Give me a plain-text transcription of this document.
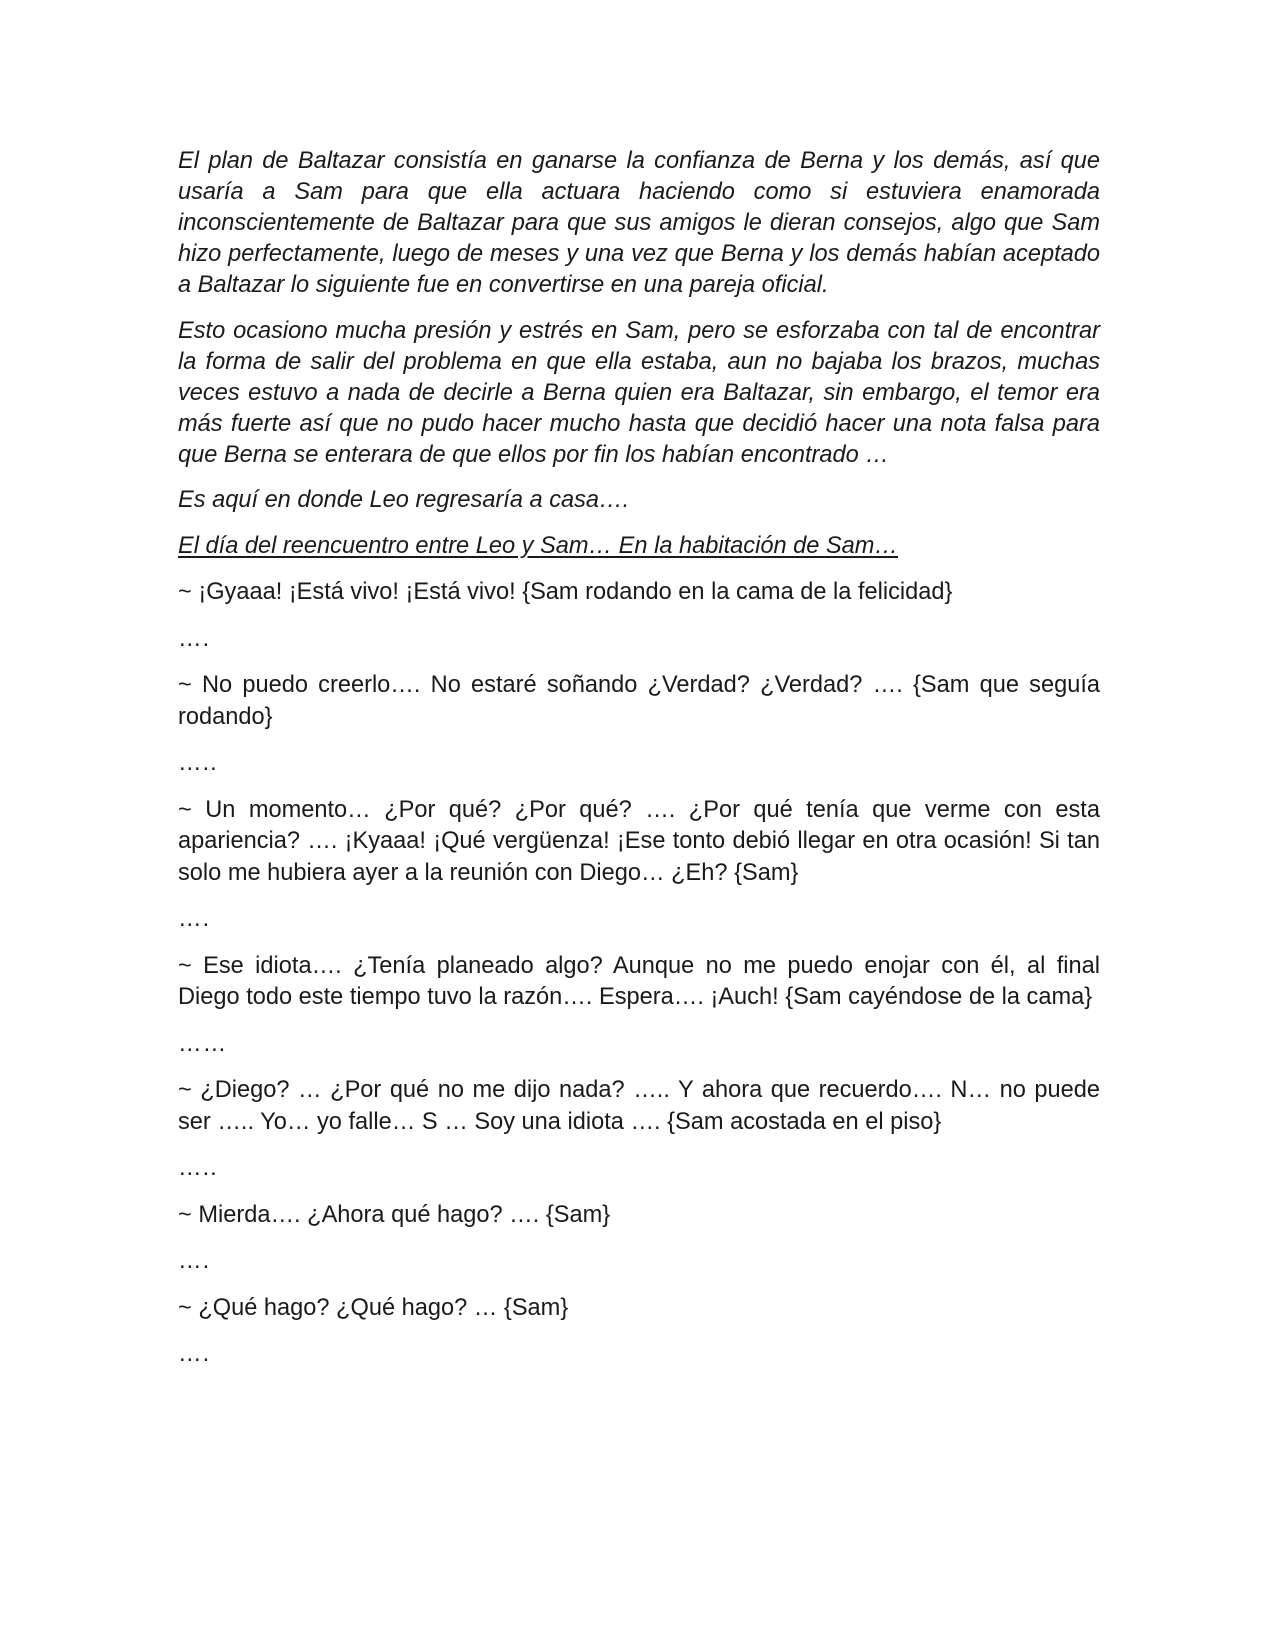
El plan de Baltazar consistía en ganarse la confianza de Berna y los demás, así que usaría a Sam para que ella actuara haciendo como si estuviera enamorada inconscientemente de Baltazar para que sus amigos le dieran consejos, algo que Sam hizo perfectamente, luego de meses y una vez que Berna y los demás habían aceptado a Baltazar lo siguiente fue en convertirse en una pareja oficial.

Esto ocasiono mucha presión y estrés en Sam, pero se esforzaba con tal de encontrar la forma de salir del problema en que ella estaba, aun no bajaba los brazos, muchas veces estuvo a nada de decirle a Berna quien era Baltazar, sin embargo, el temor era más fuerte así que no pudo hacer mucho hasta que decidió hacer una nota falsa para que Berna se enterara de que ellos por fin los habían encontrado …

Es aquí en donde Leo regresaría a casa….

El día del reencuentro entre Leo y Sam… En la habitación de Sam…

~ ¡Gyaaa! ¡Está vivo! ¡Está vivo! {Sam rodando en la cama de la felicidad}

….

~ No puedo creerlo…. No estaré soñando ¿Verdad? ¿Verdad? …. {Sam que seguía rodando}

…..

~ Un momento… ¿Por qué? ¿Por qué? …. ¿Por qué tenía que verme con esta apariencia? …. ¡Kyaaa! ¡Qué vergüenza! ¡Ese tonto debió llegar en otra ocasión! Si tan solo me hubiera ayer a la reunión con Diego… ¿Eh? {Sam}

….

~ Ese idiota…. ¿Tenía planeado algo? Aunque no me puedo enojar con él, al final Diego todo este tiempo tuvo la razón…. Espera…. ¡Auch! {Sam cayéndose de la cama}

……

~ ¿Diego? … ¿Por qué no me dijo nada? ….. Y ahora que recuerdo…. N… no puede ser ….. Yo… yo falle… S … Soy una idiota …. {Sam acostada en el piso}

…..

~ Mierda…. ¿Ahora qué hago? …. {Sam}

….

~ ¿Qué hago? ¿Qué hago? … {Sam}

….
